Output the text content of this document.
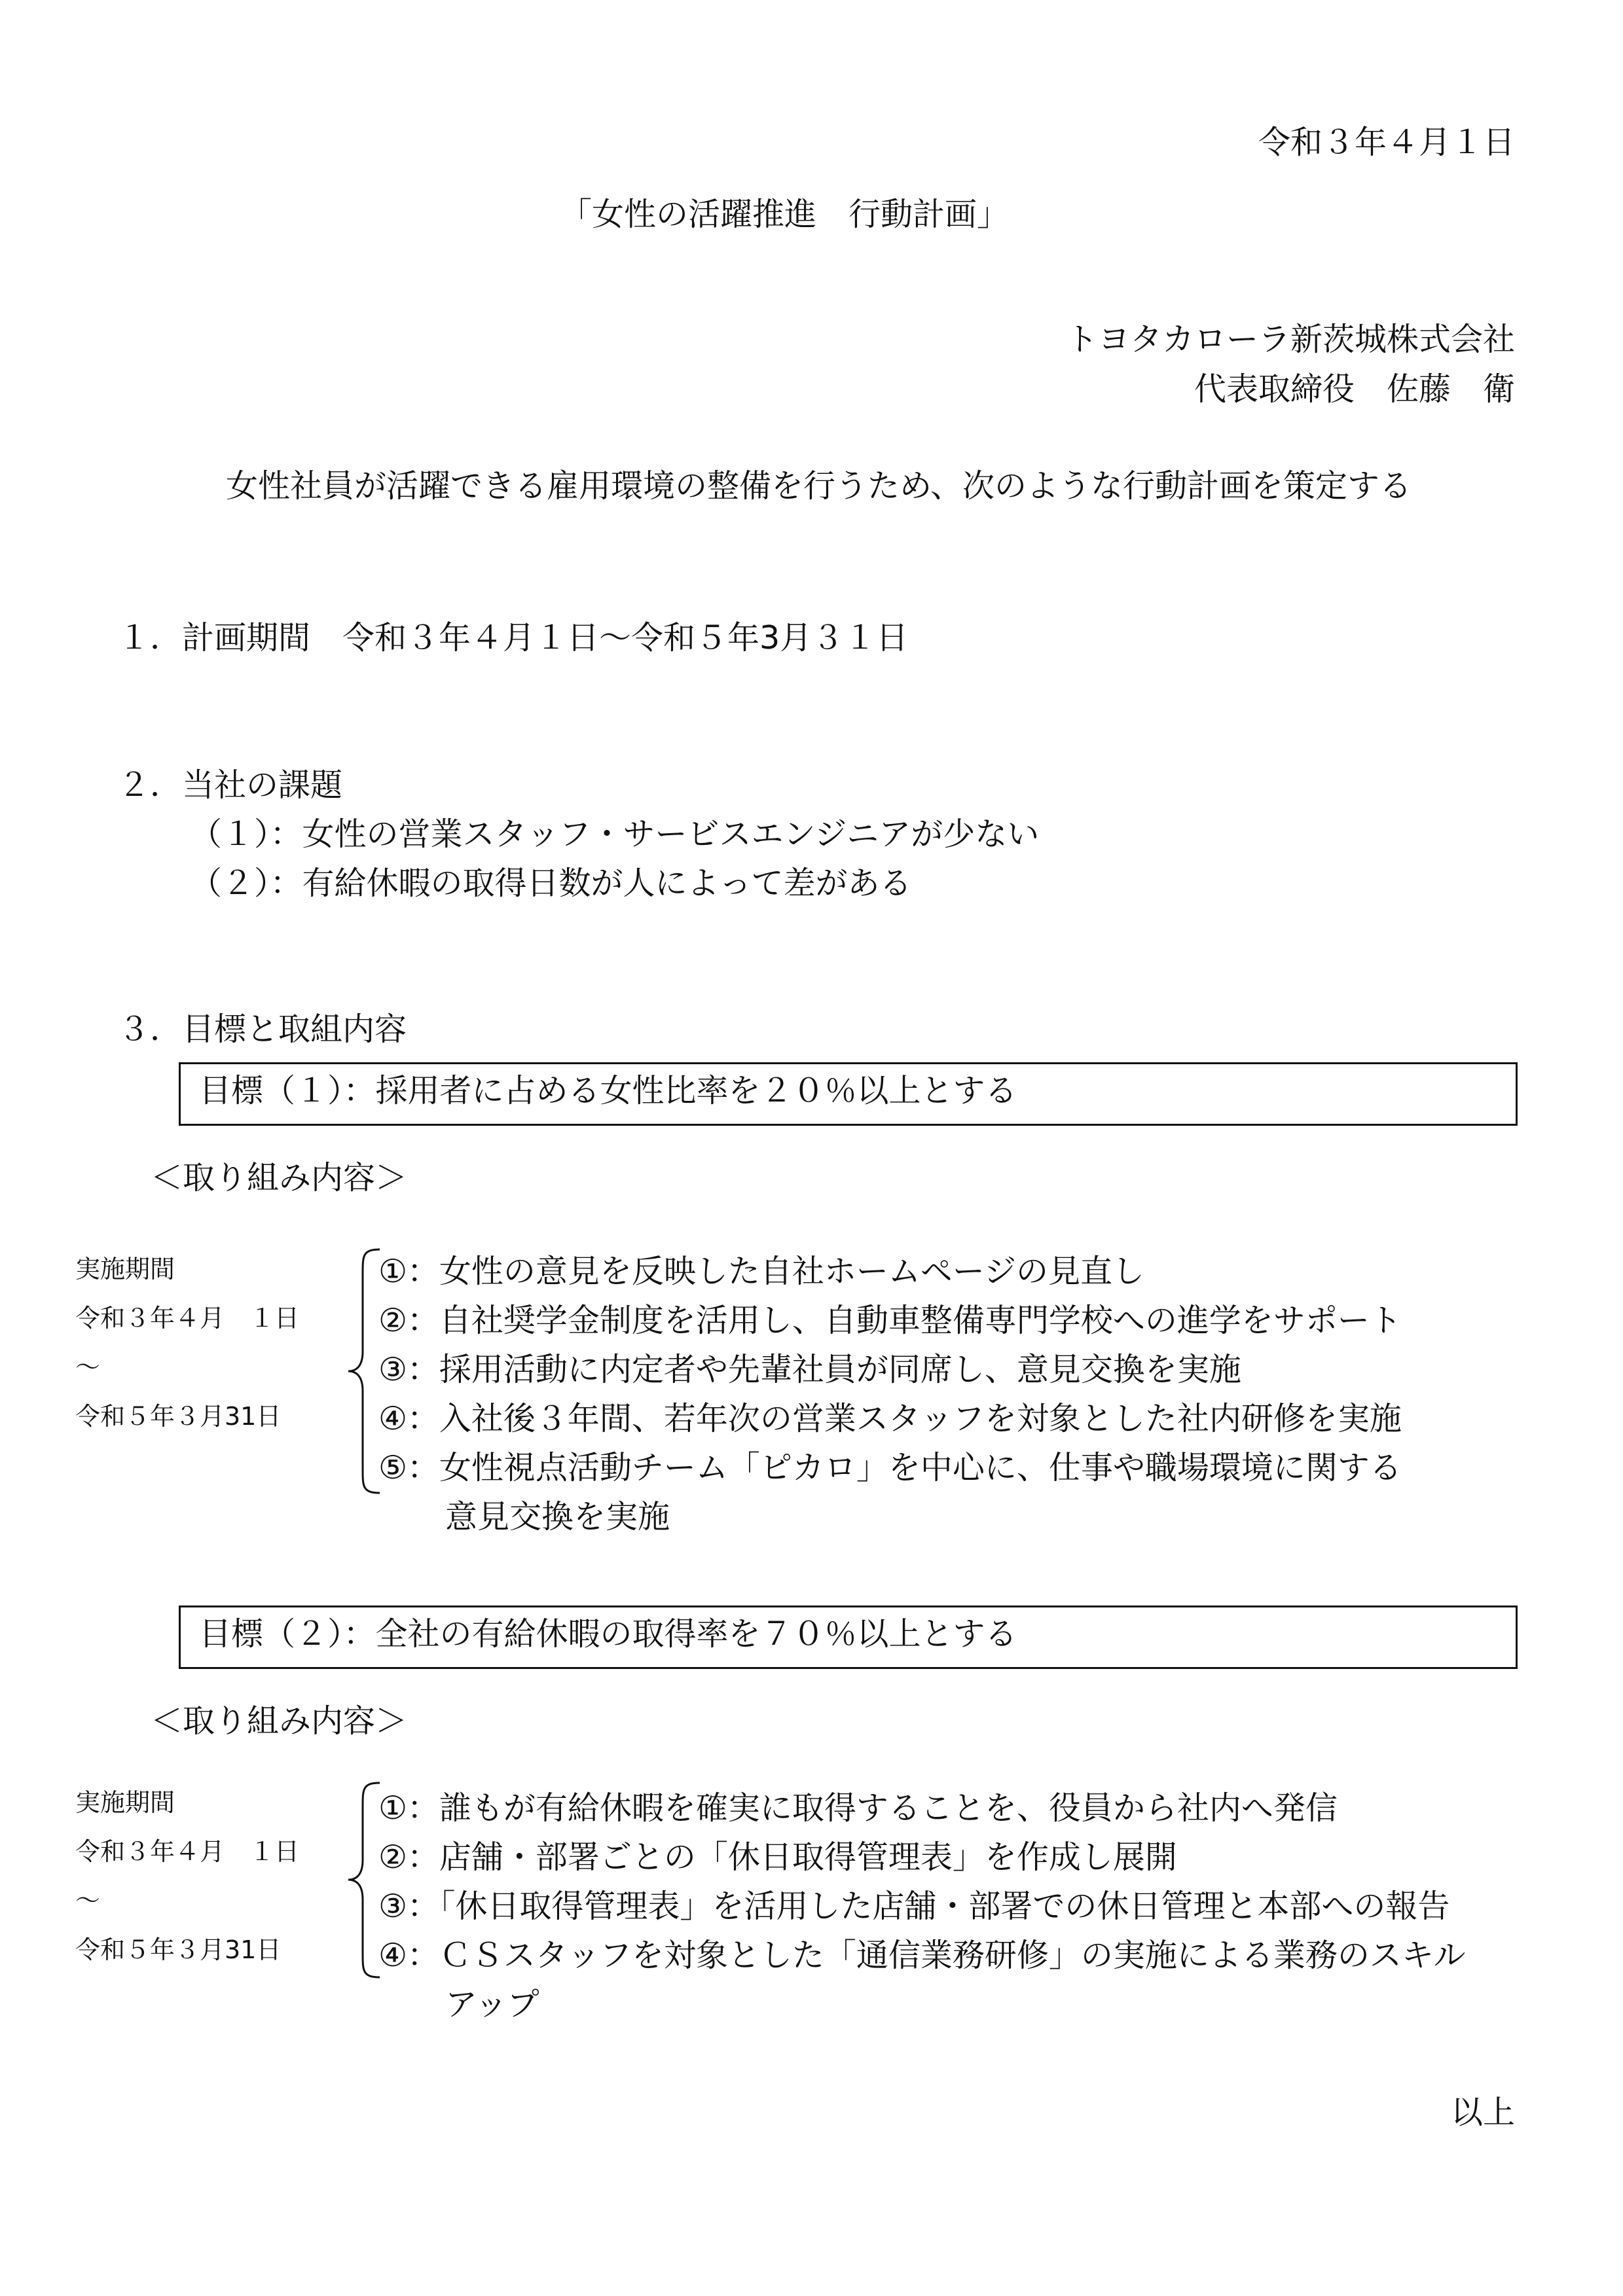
令和３年４月１日
「女性の活躍推進　行動計画」
トヨタカローラ新茨城株式会社
代表取締役　佐藤　衛
女性社員が活躍できる雇用環境の整備を行うため、次のような行動計画を策定する
１．計画期間　令和３年４月１日〜令和５年3月３１日
２．当社の課題
（１）：女性の営業スタッフ・サービスエンジニアが少ない
（２）：有給休暇の取得日数が人によって差がある
３．目標と取組内容
目標（１）：採用者に占める女性比率を２０％以上とする
＜取り組み内容＞
実施期間
令和３年４月　１日
〜
令和５年３月31日
①：女性の意見を反映した自社ホームページの見直し
②：自社奨学金制度を活用し、自動車整備専門学校への進学をサポート
③：採用活動に内定者や先輩社員が同席し、意見交換を実施
④：入社後３年間、若年次の営業スタッフを対象とした社内研修を実施
⑤：女性視点活動チーム「ピカロ」を中心に、仕事や職場環境に関する
意見交換を実施
目標（２）：全社の有給休暇の取得率を７０％以上とする
＜取り組み内容＞
実施期間
令和３年４月　１日
〜
令和５年３月31日
①：誰もが有給休暇を確実に取得することを、役員から社内へ発信
②：店舗・部署ごとの「休日取得管理表」を作成し展開
③：「休日取得管理表」を活用した店舗・部署での休日管理と本部への報告
④：ＣＳスタッフを対象とした「通信業務研修」の実施による業務のスキル
アップ
以上
